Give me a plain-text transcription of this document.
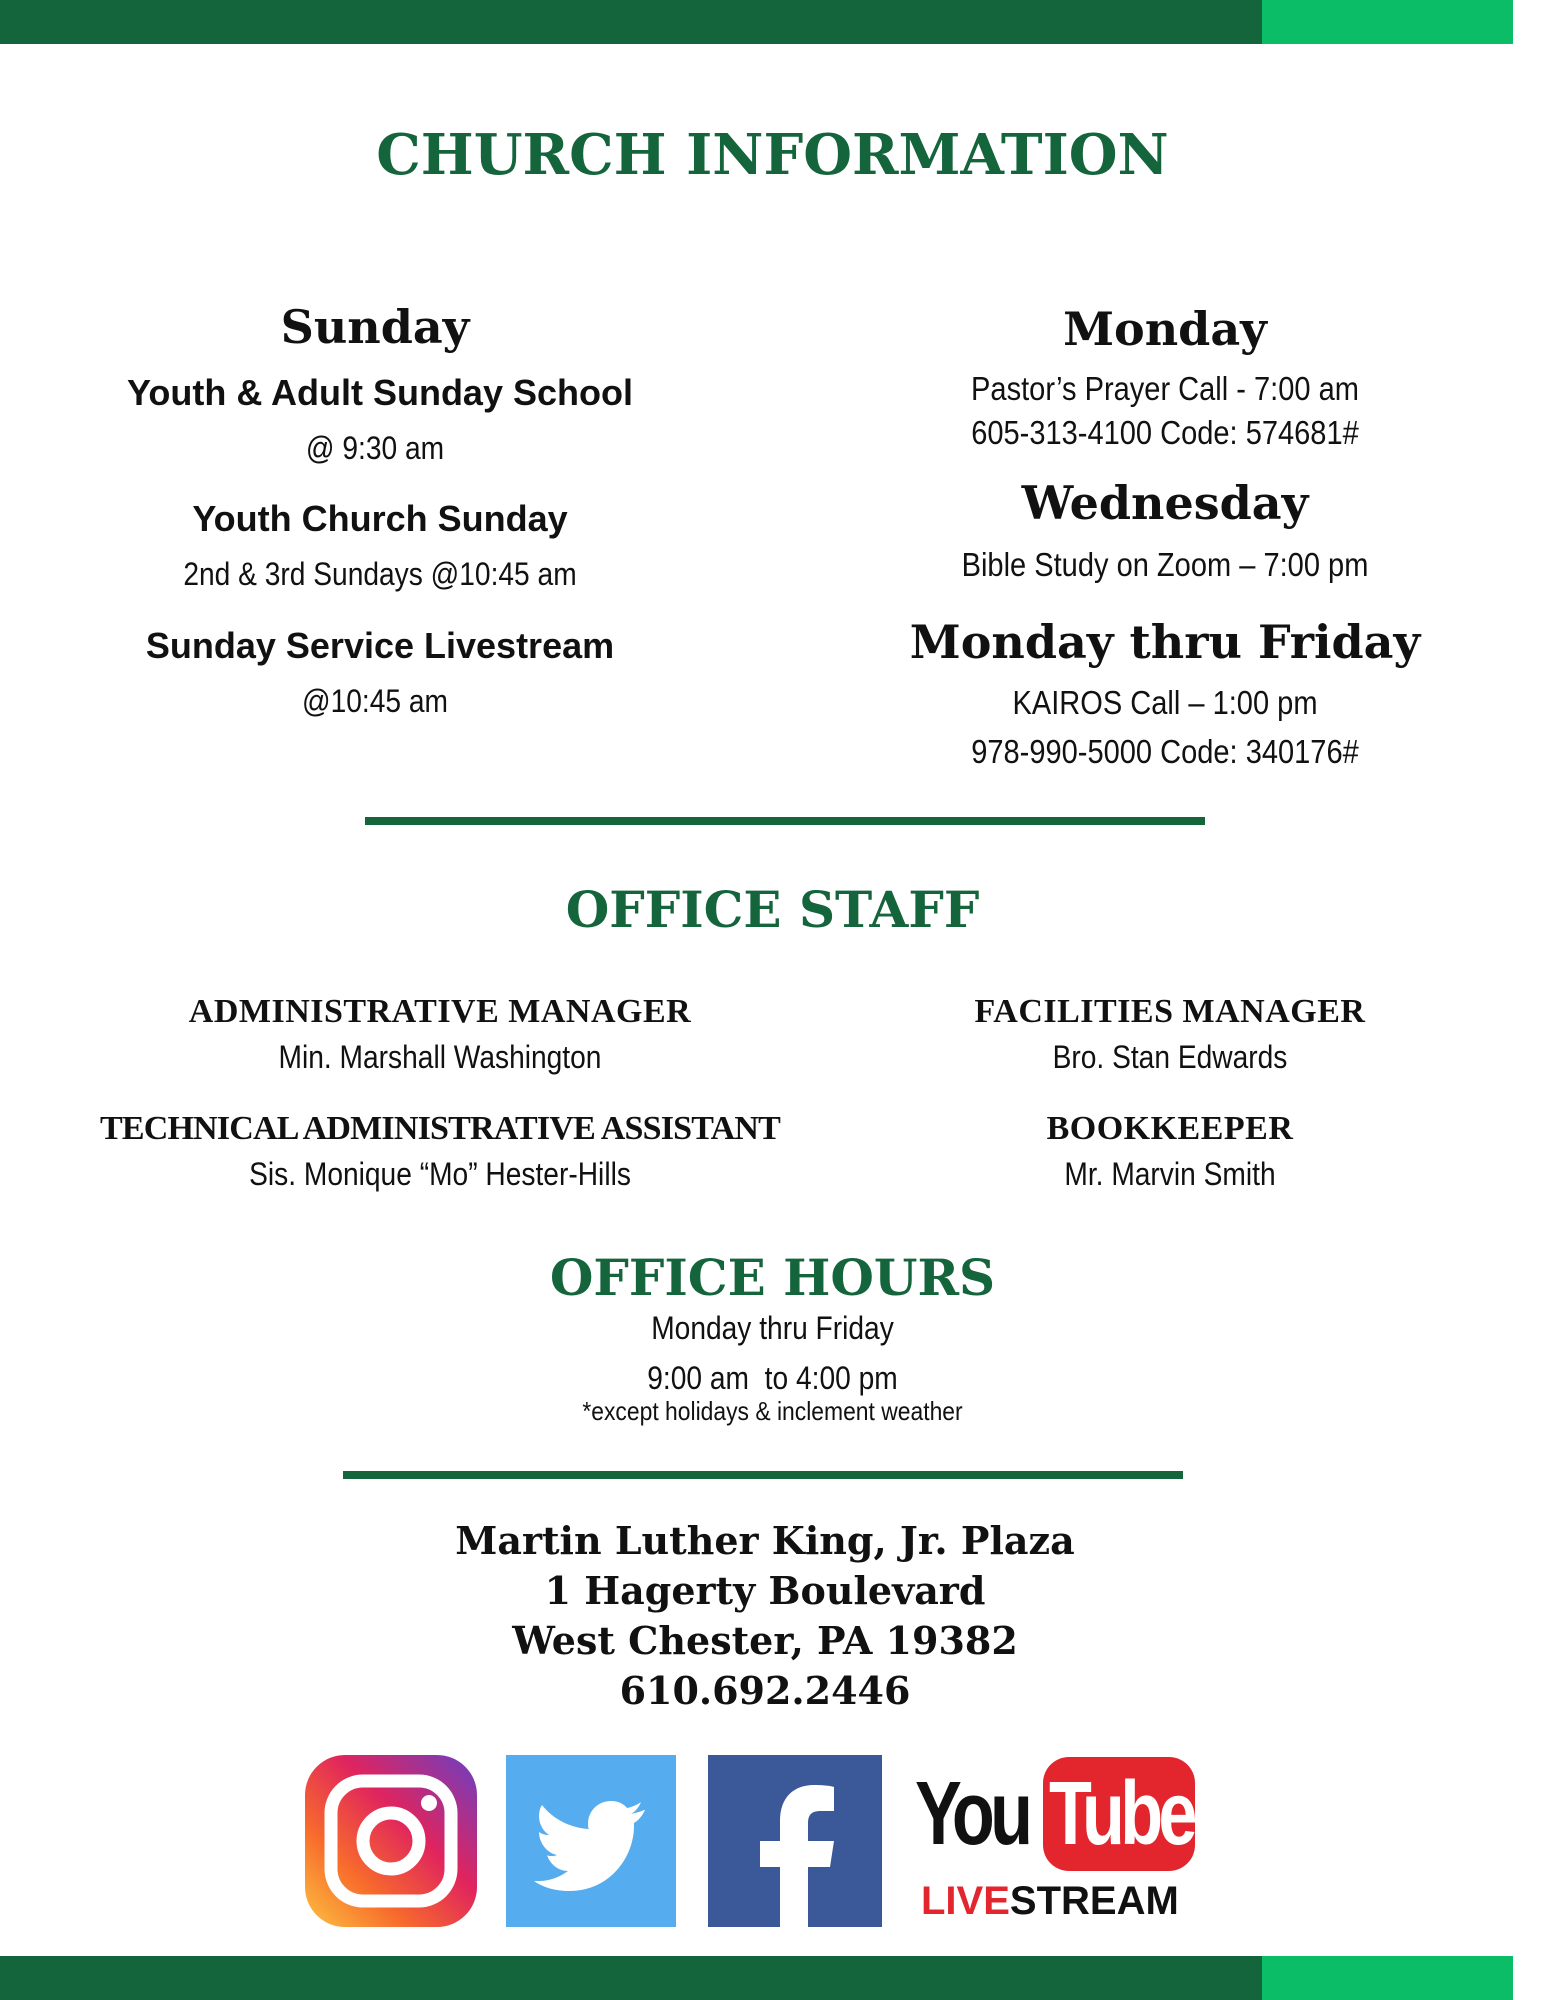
CHURCH INFORMATION
Sunday
Youth & Adult Sunday School
@ 9:30 am
Youth Church Sunday
2nd & 3rd Sundays @10:45 am
Sunday Service Livestream
@10:45 am
Monday
Pastor’s Prayer Call - 7:00 am
605-313-4100 Code: 574681#
Wednesday
Bible Study on Zoom – 7:00 pm
Monday thru Friday
KAIROS Call – 1:00 pm
978-990-5000 Code: 340176#
OFFICE STAFF
ADMINISTRATIVE MANAGER
Min. Marshall Washington
FACILITIES MANAGER
Bro. Stan Edwards
TECHNICAL ADMINISTRATIVE ASSISTANT
Sis. Monique “Mo” Hester-Hills
BOOKKEEPER
Mr. Marvin Smith
OFFICE HOURS
Monday thru Friday
9:00 am  to 4:00 pm
*except holidays & inclement weather
Martin Luther King, Jr. Plaza
1 Hagerty Boulevard
West Chester, PA 19382
610.692.2446
You Tube
LIVESTREAM
